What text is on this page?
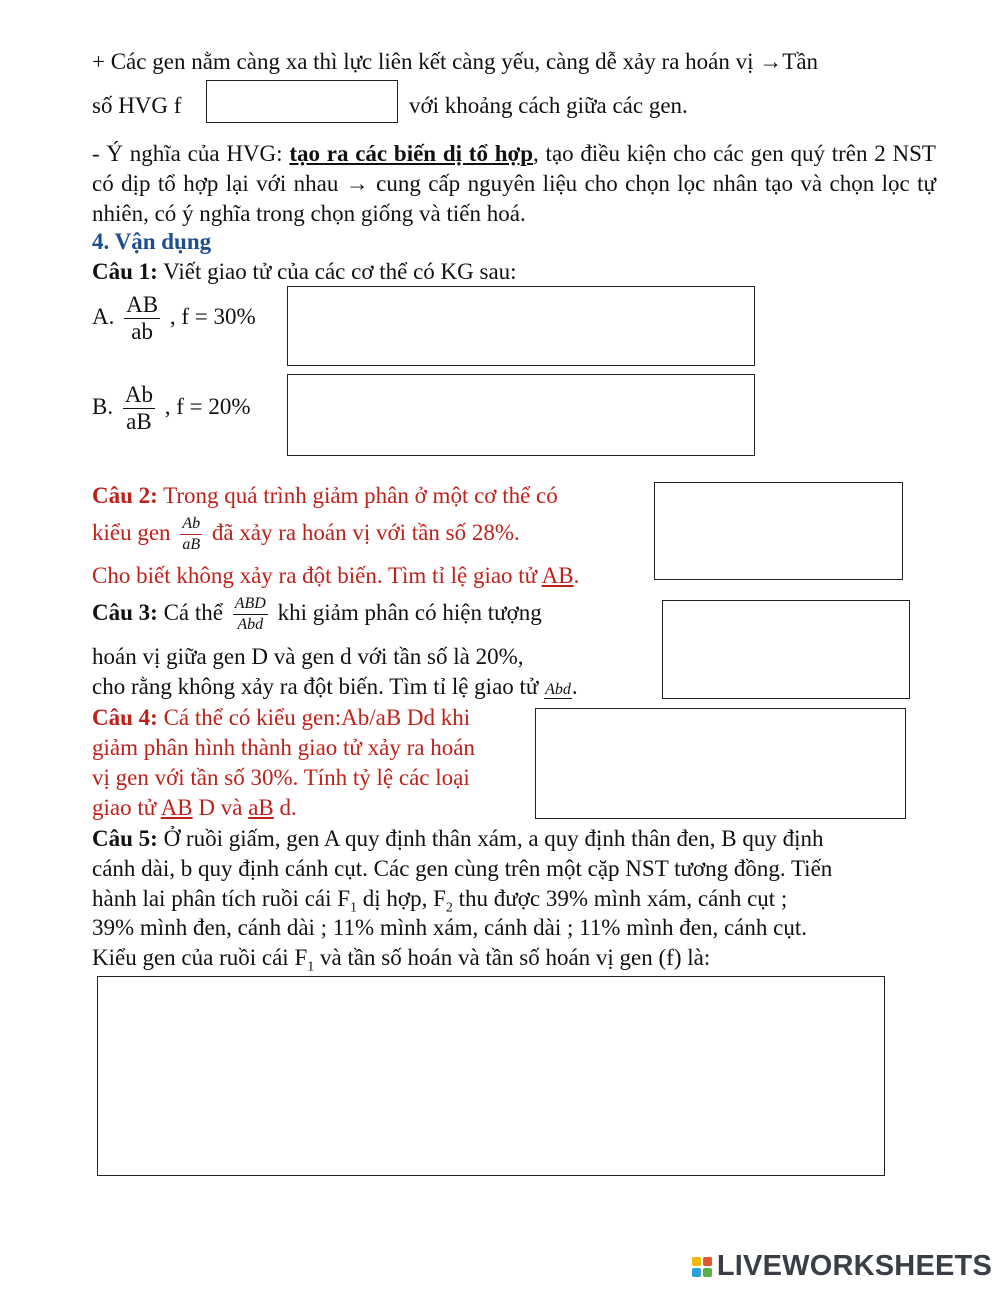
+ Các gen nằm càng xa thì lực liên kết càng yếu, càng dễ xảy ra hoán vị →Tần
số HVG f	với khoảng cách giữa các gen.
- Ý nghĩa của HVG: tạo ra các biến dị tổ hợp, tạo điều kiện cho các gen quý trên 2 NST có dịp tổ hợp lại với nhau → cung cấp nguyên liệu cho chọn lọc nhân tạo và chọn lọc tự nhiên, có ý nghĩa trong chọn giống và tiến hoá.
4. Vận dụng
Câu 1: Viết giao tử của các cơ thể có KG sau:
A. $\frac{AB}{ab}$ , f = 30%
B. $\frac{Ab}{aB}$ , f = 20%
Câu 2: Trong quá trình giảm phân ở một cơ thể có
kiểu gen $\frac{Ab}{aB}$ đã xảy ra hoán vị với tần số 28%.
Cho biết không xảy ra đột biến. Tìm tỉ lệ giao tử AB.
Câu 3: Cá thể $\frac{\text{ABD}}{\text{Abd}}$ khi giảm phân có hiện tượng
hoán vị giữa gen D và gen d với tần số là 20%,
cho rằng không xảy ra đột biến. Tìm tỉ lệ giao tử Abd.
Câu 4: Cá thể có kiểu gen:Ab/aB Dd khi
giảm phân hình thành giao tử xảy ra hoán
vị gen với tần số 30%. Tính tỷ lệ các loại
giao tử AB D và aB d.
Câu 5: Ở ruồi giấm, gen A quy định thân xám, a quy định thân đen, B quy định
cánh dài, b quy định cánh cụt. Các gen cùng trên một cặp NST tương đồng. Tiến
hành lai phân tích ruồi cái $F_1$ dị hợp, $F_2$ thu được 39% mình xám, cánh cụt ;
39% mình đen, cánh dài ; 11% mình xám, cánh dài ; 11% mình đen, cánh cụt.
Kiểu gen của ruồi cái $F_1$ và tần số hoán và tần số hoán vị gen (f) là:
LIVEWORKSHEETS
